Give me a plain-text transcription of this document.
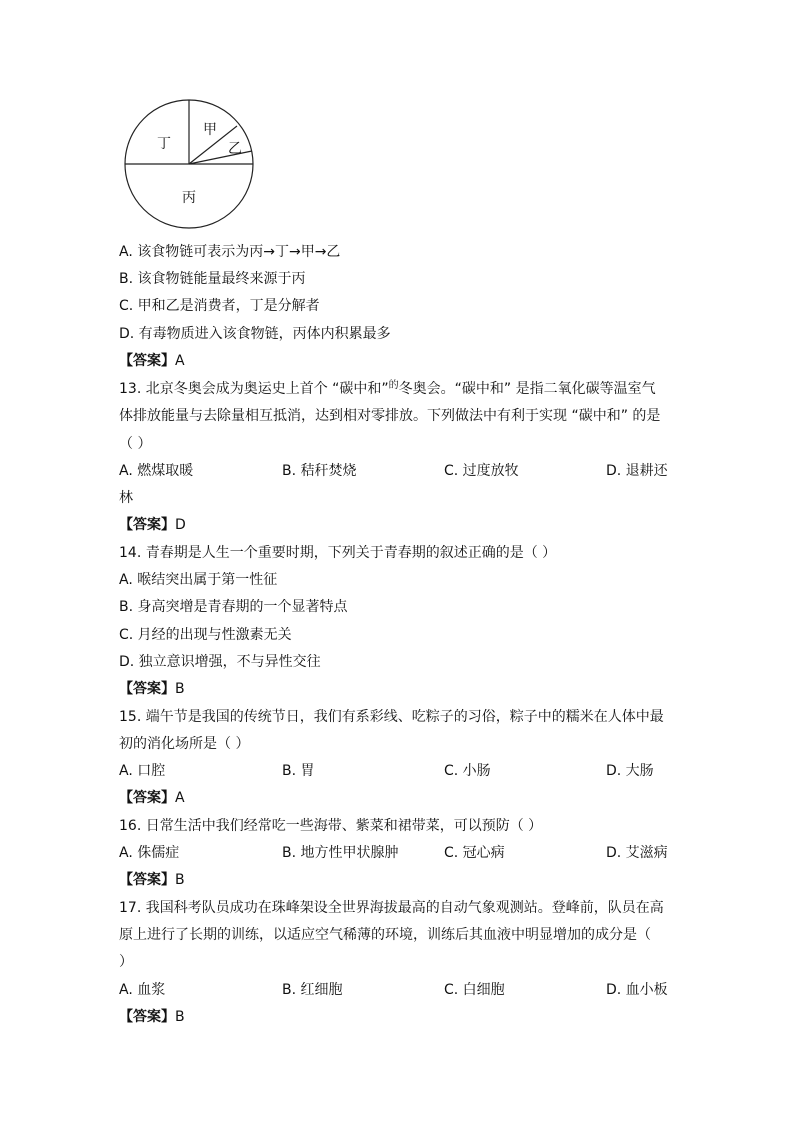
丁
甲
乙
丙
A. 该食物链可表示为丙→丁→甲→乙
B. 该食物链能量最终来源于丙
C. 甲和乙是消费者，丁是分解者
D. 有毒物质进入该食物链，丙体内积累最多
【答案】A
13. 北京冬奥会成为奥运史上首个 “碳中和”$^的$冬奥会。“碳中和” 是指二氧化碳等温室气
体排放能量与去除量相互抵消，达到相对零排放。下列做法中有利于实现 “碳中和” 的是
（ ）
A. 燃煤取暖	B. 秸秆焚烧	C. 过度放牧	D. 退耕还
林
【答案】D
14. 青春期是人生一个重要时期，下列关于青春期的叙述正确的是（ ）
A. 喉结突出属于第一性征
B. 身高突增是青春期的一个显著特点
C. 月经的出现与性激素无关
D. 独立意识增强，不与异性交往
【答案】B
15. 端午节是我国的传统节日，我们有系彩线、吃粽子的习俗，粽子中的糯米在人体中最
初的消化场所是（ ）
A. 口腔	B. 胃	C. 小肠	D. 大肠
【答案】A
16. 日常生活中我们经常吃一些海带、紫菜和裙带菜，可以预防（ ）
A. 侏儒症	B. 地方性甲状腺肿	C. 冠心病	D. 艾滋病
【答案】B
17. 我国科考队员成功在珠峰架设全世界海拔最高的自动气象观测站。登峰前，队员在高
原上进行了长期的训练，以适应空气稀薄的环境，训练后其血液中明显增加的成分是（
）
A. 血浆	B. 红细胞	C. 白细胞	D. 血小板
【答案】B
